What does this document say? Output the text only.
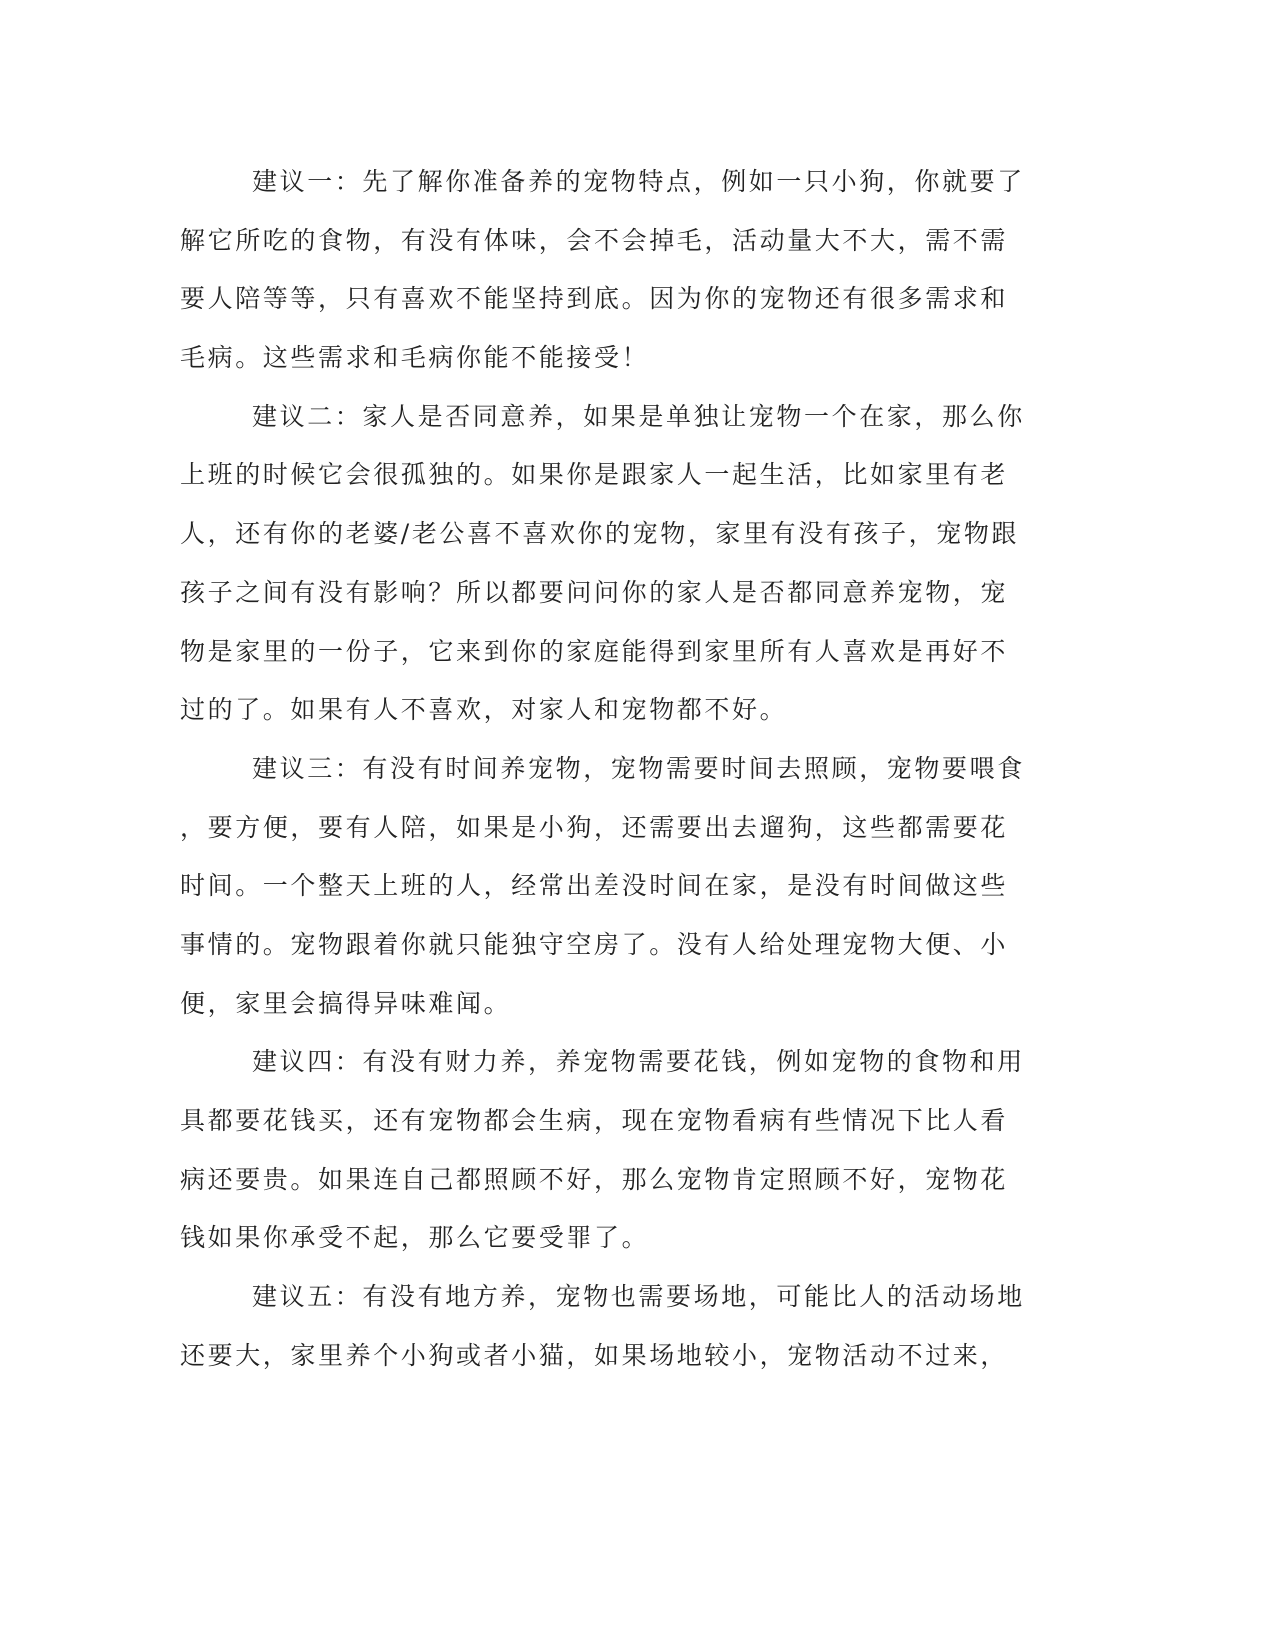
建议一：先了解你准备养的宠物特点，例如一只小狗，你就要了
解它所吃的食物，有没有体味，会不会掉毛，活动量大不大，需不需
要人陪等等，只有喜欢不能坚持到底。因为你的宠物还有很多需求和
毛病。这些需求和毛病你能不能接受！
建议二：家人是否同意养，如果是单独让宠物一个在家，那么你
上班的时候它会很孤独的。如果你是跟家人一起生活，比如家里有老
人，还有你的老婆/老公喜不喜欢你的宠物，家里有没有孩子，宠物跟
孩子之间有没有影响？所以都要问问你的家人是否都同意养宠物，宠
物是家里的一份子，它来到你的家庭能得到家里所有人喜欢是再好不
过的了。如果有人不喜欢，对家人和宠物都不好。
建议三：有没有时间养宠物，宠物需要时间去照顾，宠物要喂食
，要方便，要有人陪，如果是小狗，还需要出去遛狗，这些都需要花
时间。一个整天上班的人，经常出差没时间在家，是没有时间做这些
事情的。宠物跟着你就只能独守空房了。没有人给处理宠物大便、小
便，家里会搞得异味难闻。
建议四：有没有财力养，养宠物需要花钱，例如宠物的食物和用
具都要花钱买，还有宠物都会生病，现在宠物看病有些情况下比人看
病还要贵。如果连自己都照顾不好，那么宠物肯定照顾不好，宠物花
钱如果你承受不起，那么它要受罪了。
建议五：有没有地方养，宠物也需要场地，可能比人的活动场地
还要大，家里养个小狗或者小猫，如果场地较小，宠物活动不过来，
